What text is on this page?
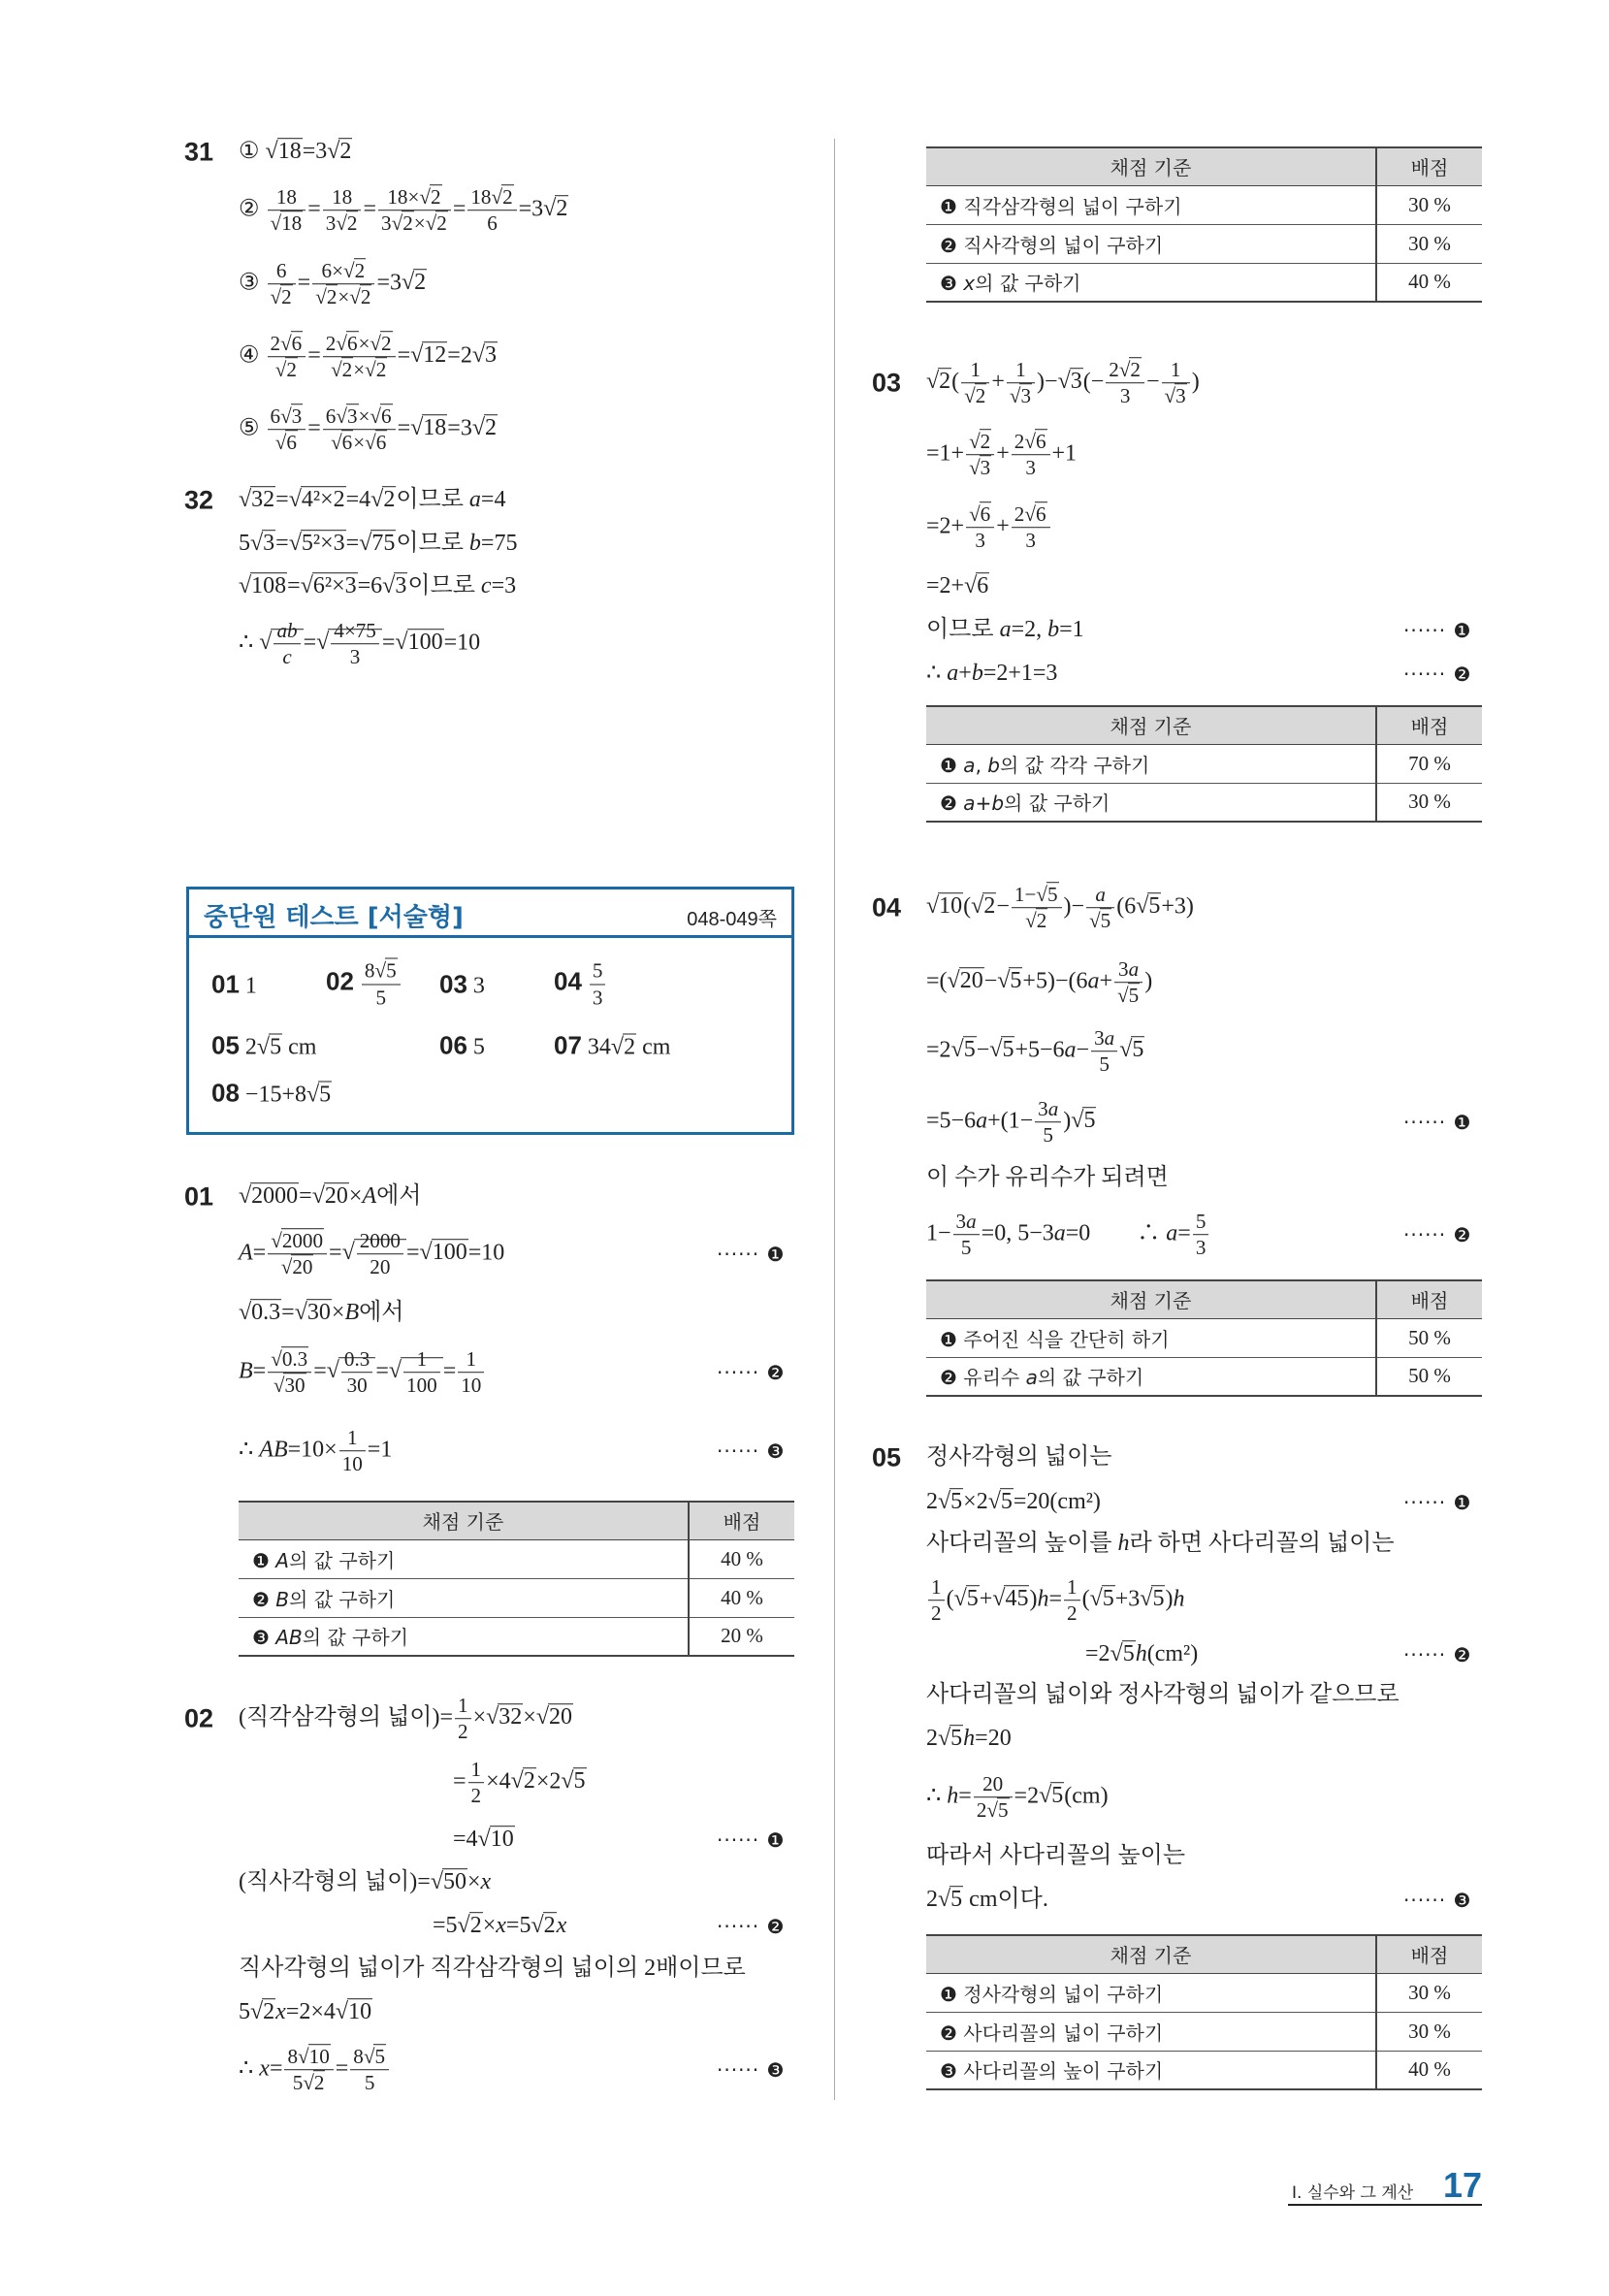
31 ① √18=3√2
② $\frac{18}{√18} = \frac{18}{3√2} = \frac{18\times√2}{3√2\times√2} = \frac{18√2}{6} =3√2$
③ $\frac{6}{√2} = \frac{6\times√2}{√2\times√2} =3√2$
④ $\frac{2√6}{√2} = \frac{2√6\times√2}{√2\times√2} =√12=2√3$
⑤ $\frac{6√3}{√6} = \frac{6√3\times√6}{√6\times√6} =√18=3√2$
32 √32=√4²×2=4√2이므로 a=4
5√3=√5²×3=√75이므로 b=75
√108=√6²×3=6√3이므로 c=3
∴ √ $\frac{ab}{c}$ =√ $\frac{4\times 75}{3} =√100=10$
중단원 테스트 [서술형]	048-049쪽
01 1	$02 \frac{8√5}{5} 03$ 3	$04 \frac{5}{3}$
05 2√5 cm	06 5	07 34√2 cm
08 −15+8√5
01 √2000=√20×A에서
$A= \frac{√2000}{√20}$ =√ $\frac{2000}{20} =√100=10$
√0.3=√30×B에서
$B= \frac{√0.3}{√30}$ =√ $\frac{0.3}{30}$ =√ $\frac{1}{100} = \frac{1}{10}$
∴ $AB=10\times \frac{1}{10} =1$
······ ❶
······ ❷
······ ❸
채점 기준	배점
❶ A의 값 구하기	40 %
❷ B의 값 구하기	40 %
❸ AB의 값 구하기	20 %
02 (직각삼각형의 넓이)= $\frac{1}{2} \times√32\times√20$
= $\frac{1}{2} \times 4√2\times 2√5$
=4√10
(직사각형의 넓이)=√50×x
=5√2×x=5√2x
직사각형의 넓이가 직각삼각형의 넓이의 2배이므로
5√2x=2×4√10
∴ $x= \frac{8√10}{5√2} = \frac{8√5}{5}$
······ ❶
······ ❷
······ ❸
채점 기준	배점
❶ 직각삼각형의 넓이 구하기	30 %
❷ 직사각형의 넓이 구하기	30 %
❸ x의 값 구하기	40 %
03 $√2( \frac{1}{√2} + \frac{1}{√3} )-√3(- \frac{2√2}{3} - \frac{1}{√3}$ )
$=1+ \frac{√2}{√3} + \frac{2√6}{3} +1$
$=2+ \frac{√6}{3} + \frac{2√6}{3}$
=2+√6
이므로 a=2, b=1
∴ a+b=2+1=3
······ ❶
······ ❷
채점 기준	배점
❶ a, b의 값 각각 구하기	70 %
❷ a+b의 값 구하기	30 %
04 $√10(√2- \frac{1-√5}{√2}$ )− $\frac{a}{√5} (6√5+3)$
$=(√20-√5+5)-(6a+ \frac{3a}{√5}$ )
$=2√5-√5+5-6a- \frac{3a}{5} √5$
$=5-6a+(1- \frac{3a}{5} )√5$
이 수가 유리수가 되려면
$1- \frac{3a}{5} =0$, 5−3a=0　　∴ $a= \frac{5}{3}$
······ ❶
······ ❷
채점 기준	배점
❶ 주어진 식을 간단히 하기	50 %
❷ 유리수 a의 값 구하기	50 %
05 정사각형의 넓이는
2√5×2√5=20(cm²)
사다리꼴의 높이를 h라 하면 사다리꼴의 넓이는
$\frac{1}{2} (√5+√45)h= \frac{1}{2} (√5+3√5)h$
=2√5h(cm²)
사다리꼴의 넓이와 정사각형의 넓이가 같으므로
2√5h=20
∴ $h= \frac{20}{2√5} =2√5(cm)$
따라서 사다리꼴의 높이는
2√5 cm이다.
······ ❶
······ ❷
······ ❸
채점 기준	배점
❶ 정사각형의 넓이 구하기	30 %
❷ 사다리꼴의 넓이 구하기	30 %
❸ 사다리꼴의 높이 구하기	40 %
Ⅰ. 실수와 그 계산 17
